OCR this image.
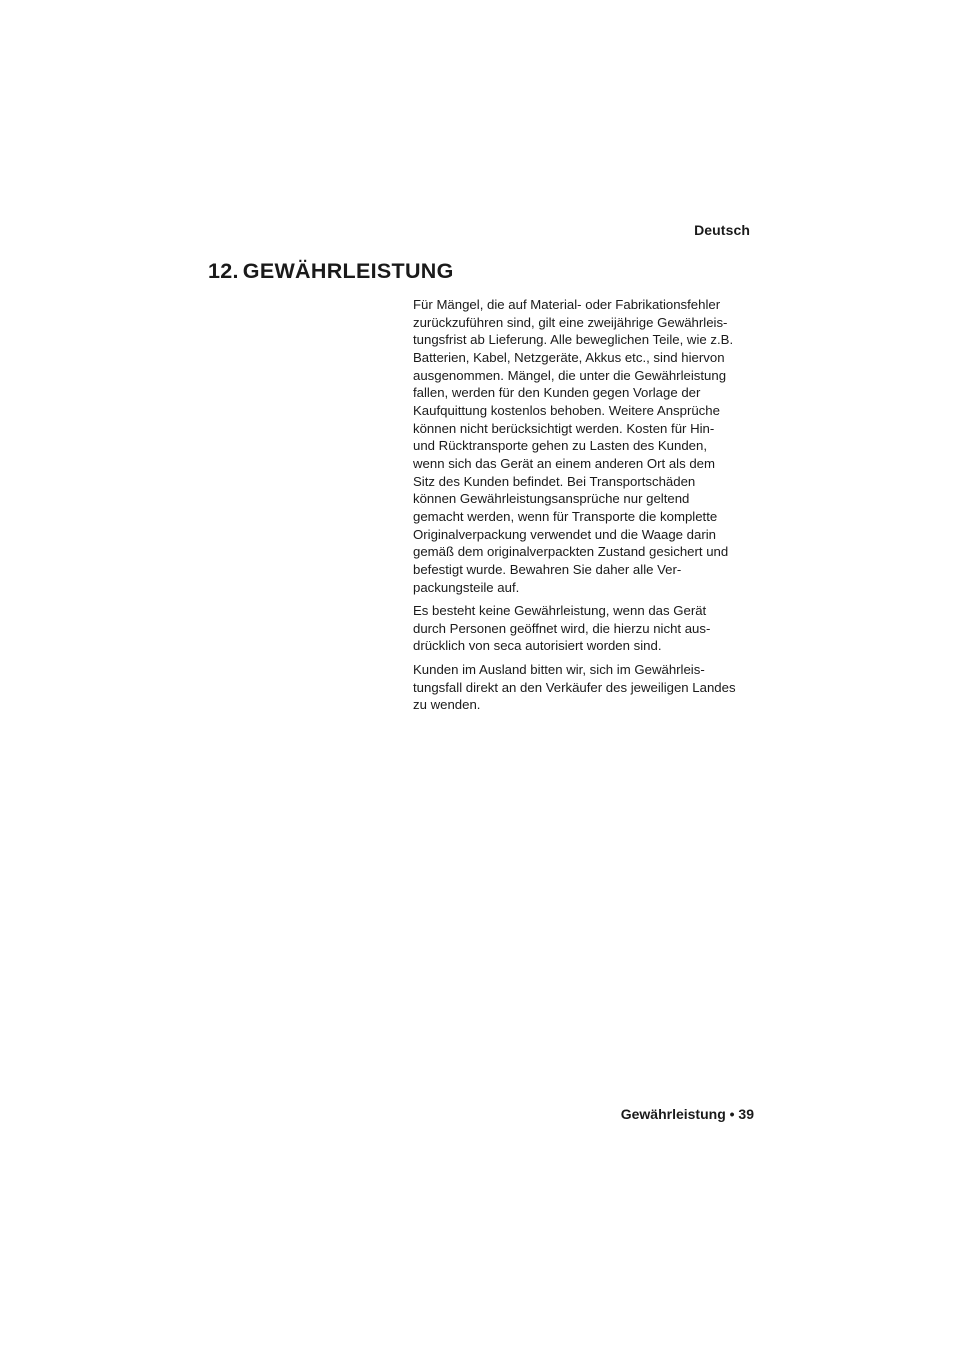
Deutsch
12. GEWÄHRLEISTUNG

Für Mängel, die auf Material- oder Fabrikationsfehler
zurückzuführen sind, gilt eine zweijährige Gewährleis-
tungsfrist ab Lieferung. Alle beweglichen Teile, wie z.B.
Batterien, Kabel, Netzgeräte, Akkus etc., sind hiervon
ausgenommen. Mängel, die unter die Gewährleistung
fallen, werden für den Kunden gegen Vorlage der
Kaufquittung kostenlos behoben. Weitere Ansprüche
können nicht berücksichtigt werden. Kosten für Hin-
und Rücktransporte gehen zu Lasten des Kunden,
wenn sich das Gerät an einem anderen Ort als dem
Sitz des Kunden befindet. Bei Transportschäden
können Gewährleistungsansprüche nur geltend
gemacht werden, wenn für Transporte die komplette
Originalverpackung verwendet und die Waage darin
gemäß dem originalverpackten Zustand gesichert und
befestigt wurde. Bewahren Sie daher alle Ver-
packungsteile auf.

Es besteht keine Gewährleistung, wenn das Gerät
durch Personen geöffnet wird, die hierzu nicht aus-
drücklich von seca autorisiert worden sind.

Kunden im Ausland bitten wir, sich im Gewährleis-
tungsfall direkt an den Verkäufer des jeweiligen Landes
zu wenden.

Gewährleistung • 39
